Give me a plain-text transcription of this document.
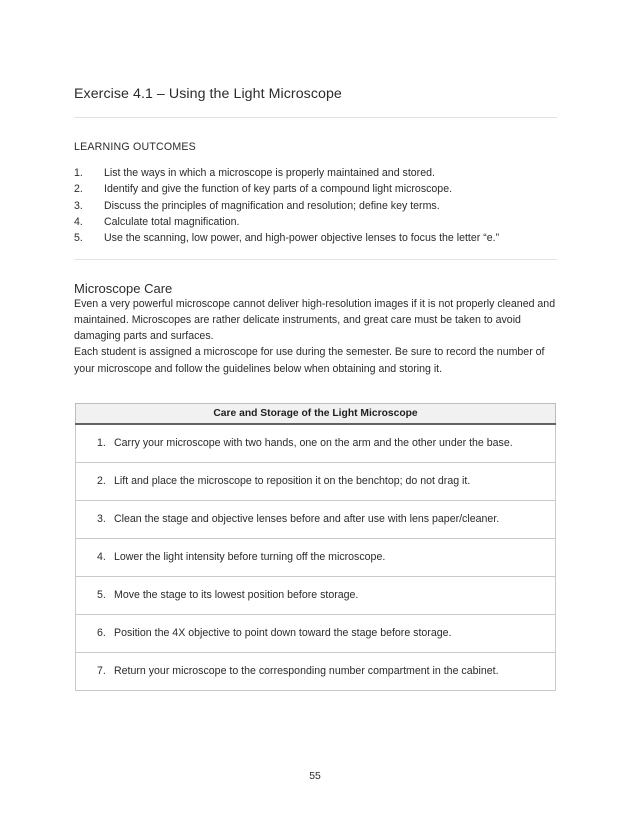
Exercise 4.1 – Using the Light Microscope
LEARNING OUTCOMES
1.	List the ways in which a microscope is properly maintained and stored.
2.	Identify and give the function of key parts of a compound light microscope.
3.	Discuss the principles of magnification and resolution; define key terms.
4.	Calculate total magnification.
5.	Use the scanning, low power, and high-power objective lenses to focus the letter “e.”
Microscope Care

Even a very powerful microscope cannot deliver high-resolution images if it is not properly cleaned and maintained. Microscopes are rather delicate instruments, and great care must be taken to avoid damaging parts and surfaces.

Each student is assigned a microscope for use during the semester. Be sure to record the number of your microscope and follow the guidelines below when obtaining and storing it.

Care and Storage of the Light Microscope

1. Carry your microscope with two hands, one on the arm and the other under the base.

2. Lift and place the microscope to reposition it on the benchtop; do not drag it.

3. Clean the stage and objective lenses before and after use with lens paper/cleaner.

4. Lower the light intensity before turning off the microscope.

5. Move the stage to its lowest position before storage.

6. Position the 4X objective to point down toward the stage before storage.

7. Return your microscope to the corresponding number compartment in the cabinet.
55
